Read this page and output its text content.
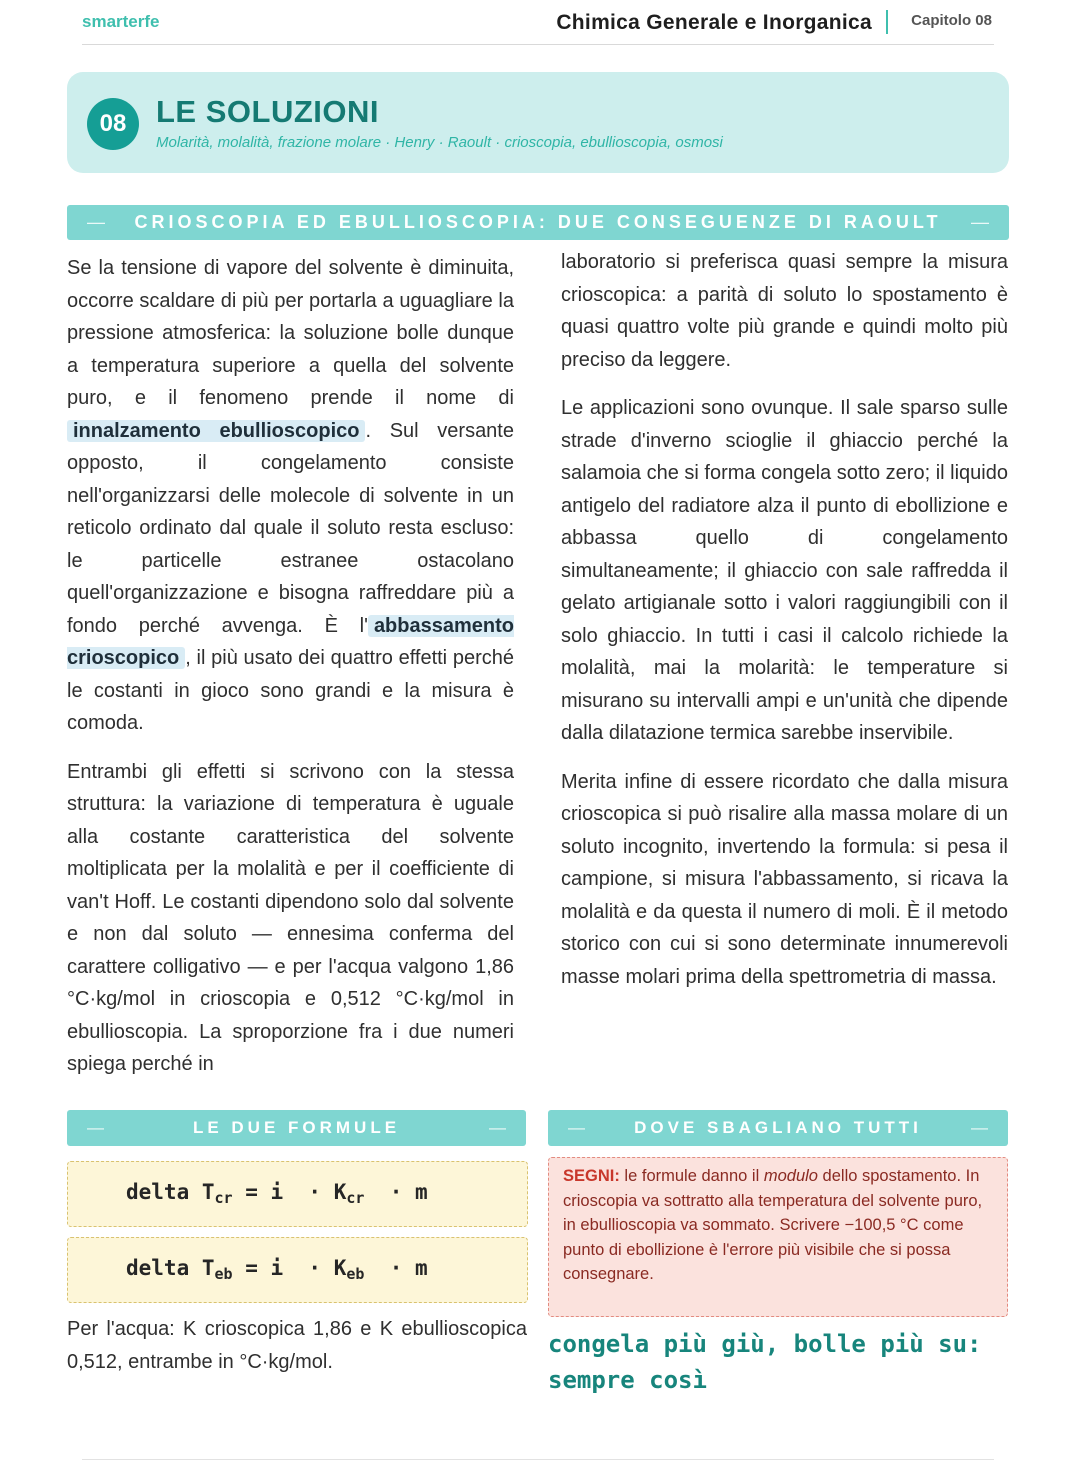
smarterfe	Chimica Generale e Inorganica	Capitolo 08
08 LE SOLUZIONI
Molarità, molalità, frazione molare · Henry · Raoult · crioscopia, ebullioscopia, osmosi
— CRIOSCOPIA ED EBULLIOSCOPIA: DUE CONSEGUENZE DI RAOULT —

Se la tensione di vapore del solvente è diminuita, occorre scaldare di più per portarla a uguagliare la pressione atmosferica: la soluzione bolle dunque a temperatura superiore a quella del solvente puro, e il fenomeno prende il nome di innalzamento ebullioscopico . Sul versante opposto, il congelamento consiste nell'organizzarsi delle molecole di solvente in un reticolo ordinato dal quale il soluto resta escluso: le particelle estranee ostacolano quell'organizzazione e bisogna raffreddare più a fondo perché avvenga. È l' abbassamento crioscopico , il più usato dei quattro effetti perché le costanti in gioco sono grandi e la misura è comoda.

Entrambi gli effetti si scrivono con la stessa struttura: la variazione di temperatura è uguale alla costante caratteristica del solvente moltiplicata per la molalità e per il coefficiente di van't Hoff. Le costanti dipendono solo dal solvente e non dal soluto — ennesima conferma del carattere colligativo — e per l'acqua valgono 1,86 °C·kg/mol in crioscopia e 0,512 °C·kg/mol in ebullioscopia. La sproporzione fra i due numeri spiega perché in

laboratorio si preferisca quasi sempre la misura crioscopica: a parità di soluto lo spostamento è quasi quattro volte più grande e quindi molto più preciso da leggere.

Le applicazioni sono ovunque. Il sale sparso sulle strade d'inverno scioglie il ghiaccio perché la salamoia che si forma congela sotto zero; il liquido antigelo del radiatore alza il punto di ebollizione e abbassa quello di congelamento simultaneamente; il ghiaccio con sale raffredda il gelato artigianale sotto i valori raggiungibili con il solo ghiaccio. In tutti i casi il calcolo richiede la molalità, mai la molarità: le temperature si misurano su intervalli ampi e un'unità che dipende dalla dilatazione termica sarebbe inservibile.

Merita infine di essere ricordato che dalla misura crioscopica si può risalire alla massa molare di un soluto incognito, invertendo la formula: si pesa il campione, si misura l'abbassamento, si ricava la molalità e da questa il numero di moli. È il metodo storico con cui si sono determinate innumerevoli masse molari prima della spettrometria di massa.

—	LE DUE FORMULE	—
delta $T_{cr} = i \cdot K_{cr} \cdot m$
delta $T_{eb} = i \cdot K_{eb} \cdot m$
Per l'acqua: K crioscopica 1,86 e K ebullioscopica 0,512, entrambe in °C·kg/mol.
—	DOVE SBAGLIANO TUTTI	—
SEGNI: le formule danno il modulo dello spostamento. In crioscopia va sottratto alla temperatura del solvente puro, in ebullioscopia va sommato. Scrivere −100,5 °C come punto di ebollizione è l'errore più visibile che si possa consegnare.
congela più giù, bolle più su: sempre così
